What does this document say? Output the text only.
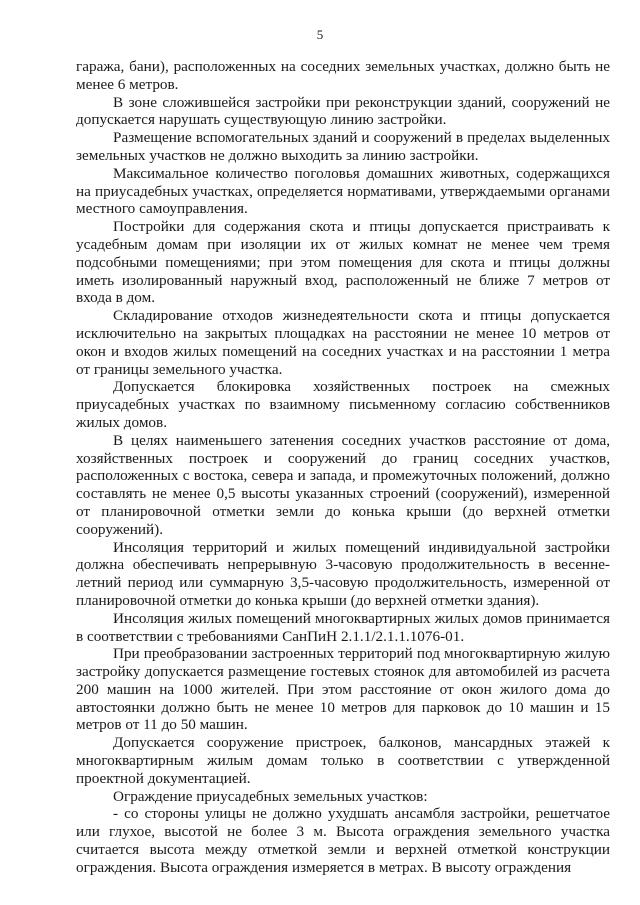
5

гаража, бани), расположенных на соседних земельных участках, должно быть не менее 6 метров.

В зоне сложившейся застройки при реконструкции зданий, сооружений не допускается нарушать существующую линию застройки.

Размещение вспомогательных зданий и сооружений в пределах выделенных земельных участков не должно выходить за линию застройки.

Максимальное количество поголовья домашних животных, содержащихся на приусадебных участках, определяется нормативами, утверждаемыми органами местного самоуправления.

Постройки для содержания скота и птицы допускается пристраивать к усадебным домам при изоляции их от жилых комнат не менее чем тремя подсобными помещениями; при этом помещения для скота и птицы должны иметь изолированный наружный вход, расположенный не ближе 7 метров от входа в дом.

Складирование отходов жизнедеятельности скота и птицы допускается исключительно на закрытых площадках на расстоянии не менее 10 метров от окон и входов жилых помещений на соседних участках и на расстоянии 1 метра от границы земельного участка.

Допускается блокировка хозяйственных построек на смежных приусадебных участках по взаимному письменному согласию собственников жилых домов.

В целях наименьшего затенения соседних участков расстояние от дома, хозяйственных построек и сооружений до границ соседних участков, расположенных с востока, севера и запада, и промежуточных положений, должно составлять не менее 0,5 высоты указанных строений (сооружений), измеренной от планировочной отметки земли до конька крыши (до верхней отметки сооружений).

Инсоляция территорий и жилых помещений индивидуальной застройки должна обеспечивать непрерывную 3-часовую продолжительность в весенне-летний период или суммарную 3,5-часовую продолжительность, измеренной от планировочной отметки до конька крыши (до верхней отметки здания).

Инсоляция жилых помещений многоквартирных жилых домов принимается в соответствии с требованиями СанПиН 2.1.1/2.1.1.1076-01.

При преобразовании застроенных территорий под многоквартирную жилую застройку допускается размещение гостевых стоянок для автомобилей из расчета 200 машин на 1000 жителей. При этом расстояние от окон жилого дома до автостоянки должно быть не менее 10 метров для парковок до 10 машин и 15 метров от 11 до 50 машин.

Допускается сооружение пристроек, балконов, мансардных этажей к многоквартирным жилым домам только в соответствии с утвержденной проектной документацией.

Ограждение приусадебных земельных участков:

- со стороны улицы не должно ухудшать ансамбля застройки, решетчатое или глухое, высотой не более 3 м. Высота ограждения земельного участка считается высота между отметкой земли и верхней отметкой конструкции ограждения. Высота ограждения измеряется в метрах. В высоту ограждения
